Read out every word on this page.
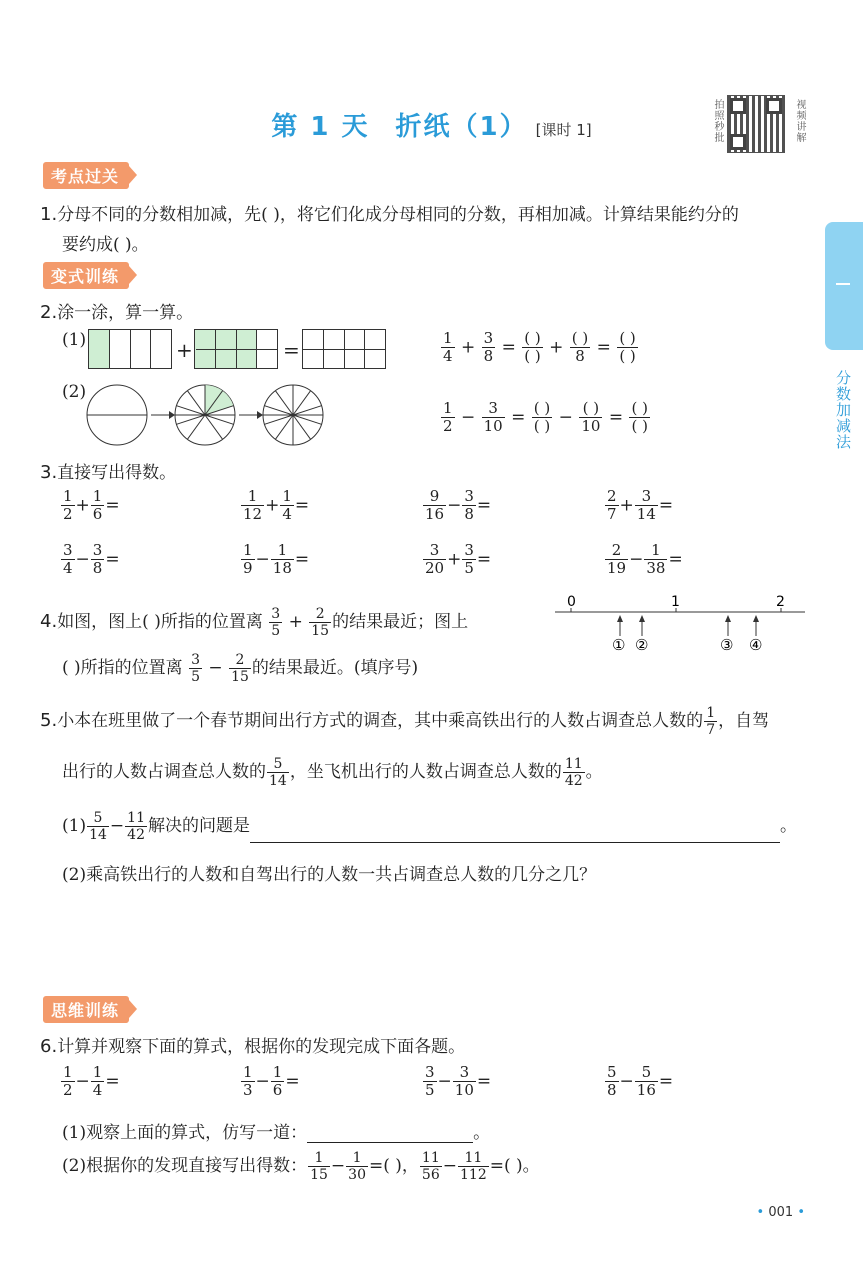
第 1 天 折纸（1） [课时 1]	拍照秒批	视频讲解
分数加减法
考点过关
1.分母不同的分数相加减，先( )，将它们化成分母相同的分数，再相加减。计算结果能约分的
要约成( )。
变式训练
2.涂一涂，算一算。
(1)	+	=
(2)
$\frac{1}{4} + \frac{3}{8} = \frac{( )}{( )} + \frac{( )}{8} = \frac{( )}{( )}$
$\frac{1}{2} - \frac{3}{10} = \frac{( )}{( )} - \frac{( )}{10} = \frac{( )}{( )}$
3.直接写出得数。
$\frac{1}{2} + \frac{1}{6}$ =	$\frac{1}{12} + \frac{1}{4}$ =	$\frac{9}{16} - \frac{3}{8}$ =	$\frac{2}{7} + \frac{3}{14}$ =
$\frac{3}{4} - \frac{3}{8}$ =	$\frac{1}{9} - \frac{1}{18}$ =	$\frac{3}{20} + \frac{3}{5}$ =	$\frac{2}{19} - \frac{1}{38}$ =
4.如图，图上( )所指的位置离 $\frac{3}{5} + \frac{2}{15}$ 的结果最近；图上
( )所指的位置离 $\frac{3}{5} - \frac{2}{15}$ 的结果最近。(填序号)
0	1	2
① ②	③ ④
5.小本在班里做了一个春节期间出行方式的调查，其中乘高铁出行的人数占调查总人数的 $\frac{1}{7}$ ，自驾
出行的人数占调查总人数的 $\frac{5}{14}$ ，坐飞机出行的人数占调查总人数的 $\frac{11}{42}$ 。
$(1) \frac{5}{14} - \frac{11}{42}$ 解决的问题是	。
(2)乘高铁出行的人数和自驾出行的人数一共占调查总人数的几分之几？
思维训练
6.计算并观察下面的算式，根据你的发现完成下面各题。
$\frac{1}{2} - \frac{1}{4}$ =	$\frac{1}{3} - \frac{1}{6}$ =	$\frac{3}{5} - \frac{3}{10}$ =	$\frac{5}{8} - \frac{5}{16}$ =
(1)观察上面的算式，仿写一道：	。
(2)根据你的发现直接写出得数： $\frac{1}{15} - \frac{1}{30}$ =( )， $\frac{11}{56} - \frac{11}{112}$ =( )。
• 001 •
